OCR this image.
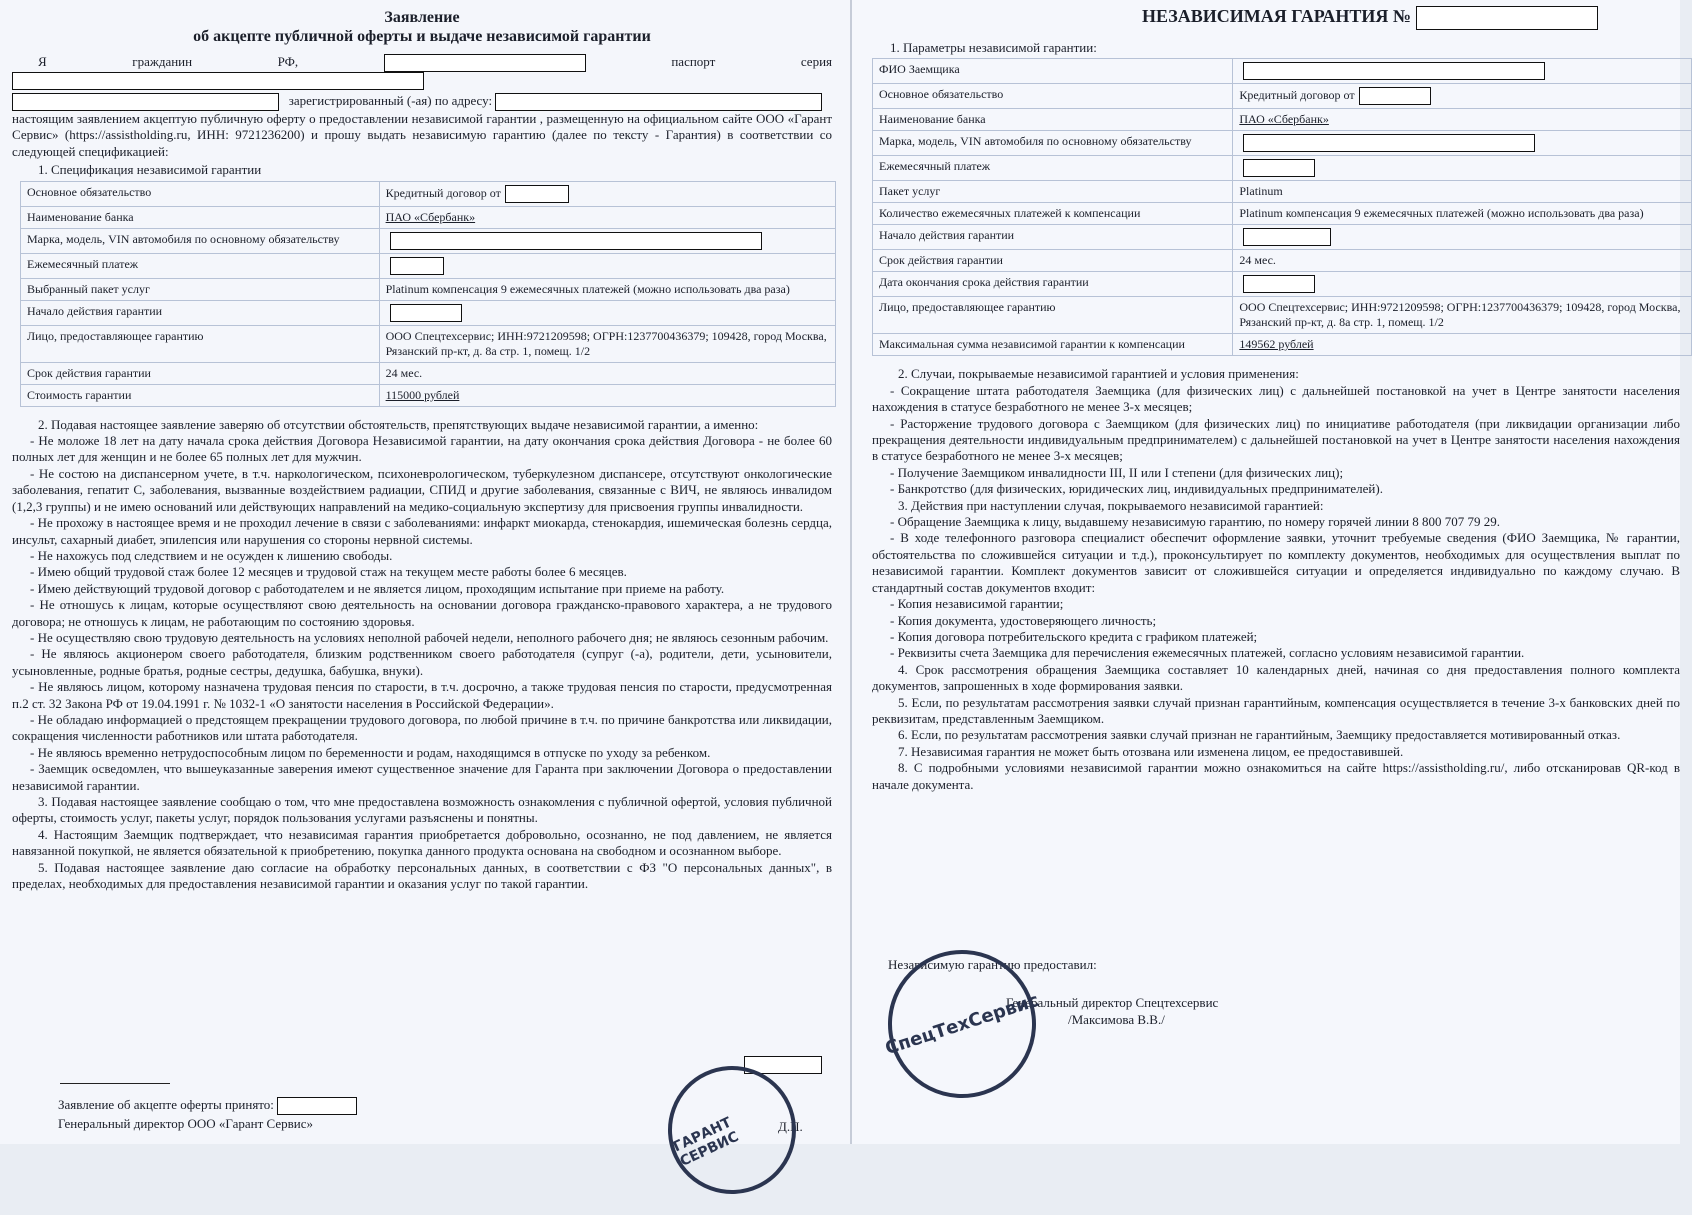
Заявление
об акцепте публичной оферты и выдаче независимой гарантии

Я гражданин РФ,	паспорт серия

зарегистрированный (-ая) по адресу:

настоящим заявлением акцептую публичную оферту о предоставлении независимой гарантии , размещенную на официальном сайте ООО «Гарант Сервис» (https://assistholding.ru, ИНН: 9721236200) и прошу выдать независимую гарантию (далее по тексту - Гарантия) в соответствии со следующей спецификацией:

1. Спецификация независимой гарантии

Основное обязательство	Кредитный договор от
Наименование банка	ПАО «Сбербанк»
Марка, модель, VIN автомобиля по основному обязательству	
Ежемесячный платеж	
Выбранный пакет услуг	Platinum компенсация 9 ежемесячных платежей (можно использовать два раза)
Начало действия гарантии	
Лицо, предоставляющее гарантию	ООО Спецтехсервис; ИНН:9721209598; ОГРН:1237700436379; 109428, город Москва, Рязанский пр-кт, д. 8а стр. 1, помещ. 1/2
Срок действия гарантии	24 мес.
Стоимость гарантии	115000 рублей

2. Подавая настоящее заявление заверяю об отсутствии обстоятельств, препятствующих выдаче независимой гарантии, а именно:

- Не моложе 18 лет на дату начала срока действия Договора Независимой гарантии, на дату окончания срока действия Договора - не более 60 полных лет для женщин и не более 65 полных лет для мужчин.

- Не состою на диспансерном учете, в т.ч. наркологическом, психоневрологическом, туберкулезном диспансере, отсутствуют онкологические заболевания, гепатит С, заболевания, вызванные воздействием радиации, СПИД и другие заболевания, связанные с ВИЧ, не являюсь инвалидом (1,2,3 группы) и не имею оснований или действующих направлений на медико-социальную экспертизу для присвоения группы инвалидности.

- Не прохожу в настоящее время и не проходил лечение в связи с заболеваниями: инфаркт миокарда, стенокардия, ишемическая болезнь сердца, инсульт, сахарный диабет, эпилепсия или нарушения со стороны нервной системы.

- Не нахожусь под следствием и не осужден к лишению свободы.

- Имею общий трудовой стаж более 12 месяцев и трудовой стаж на текущем месте работы более 6 месяцев.

- Имею действующий трудовой договор с работодателем и не является лицом, проходящим испытание при приеме на работу.

- Не отношусь к лицам, которые осуществляют свою деятельность на основании договора гражданско-правового характера, а не трудового договора; не отношусь к лицам, не работающим по состоянию здоровья.

- Не осуществляю свою трудовую деятельность на условиях неполной рабочей недели, неполного рабочего дня; не являюсь сезонным рабочим.

- Не являюсь акционером своего работодателя, близким родственником своего работодателя (супруг (-а), родители, дети, усыновители, усыновленные, родные братья, родные сестры, дедушка, бабушка, внуки).

- Не являюсь лицом, которому назначена трудовая пенсия по старости, в т.ч. досрочно, а также трудовая пенсия по старости, предусмотренная п.2 ст. 32 Закона РФ от 19.04.1991 г. № 1032-1 «О занятости населения в Российской Федерации».

- Не обладаю информацией о предстоящем прекращении трудового договора, по любой причине в т.ч. по причине банкротства или ликвидации, сокращения численности работников или штата работодателя.

- Не являюсь временно нетрудоспособным лицом по беременности и родам, находящимся в отпуске по уходу за ребенком.

- Заемщик осведомлен, что вышеуказанные заверения имеют существенное значение для Гаранта при заключении Договора о предоставлении независимой гарантии.

3. Подавая настоящее заявление сообщаю о том, что мне предоставлена возможность ознакомления с публичной офертой, условия публичной оферты, стоимость услуг, пакеты услуг, порядок пользования услугами разъяснены и понятны.

4. Настоящим Заемщик подтверждает, что независимая гарантия приобретается добровольно, осознанно, не под давлением, не является навязанной покупкой, не является обязательной к приобретению, покупка данного продукта основана на свободном и осознанном выборе.

5. Подавая настоящее заявление даю согласие на обработку персональных данных, в соответствии с ФЗ "О персональных данных", в пределах, необходимых для предоставления независимой гарантии и оказания услуг по такой гарантии.

Заявление об акцепте оферты принято:
Генеральный директор ООО «Гарант Сервис»	Д.П.
ГАРАНТ СЕРВИС
НЕЗАВИСИМАЯ ГАРАНТИЯ №

1. Параметры независимой гарантии:

ФИО Заемщика	
Основное обязательство	Кредитный договор от
Наименование банка	ПАО «Сбербанк»
Марка, модель, VIN автомобиля по основному обязательству	
Ежемесячный платеж	
Пакет услуг	Platinum
Количество ежемесячных платежей к компенсации	Platinum компенсация 9 ежемесячных платежей (можно использовать два раза)
Начало действия гарантии	
Срок действия гарантии	24 мес.
Дата окончания срока действия гарантии	
Лицо, предоставляющее гарантию	ООО Спецтехсервис; ИНН:9721209598; ОГРН:1237700436379; 109428, город Москва, Рязанский пр-кт, д. 8а стр. 1, помещ. 1/2
Максимальная сумма независимой гарантии к компенсации	149562 рублей

2. Случаи, покрываемые независимой гарантией и условия применения:

- Сокращение штата работодателя Заемщика (для физических лиц) с дальнейшей постановкой на учет в Центре занятости населения нахождения в статусе безработного не менее 3-х месяцев;

- Расторжение трудового договора с Заемщиком (для физических лиц) по инициативе работодателя (при ликвидации организации либо прекращения деятельности индивидуальным предпринимателем) с дальнейшей постановкой на учет в Центре занятости населения нахождения в статусе безработного не менее 3-х месяцев;

- Получение Заемщиком инвалидности III, II или I степени (для физических лиц);

- Банкротство (для физических, юридических лиц, индивидуальных предпринимателей).

3. Действия при наступлении случая, покрываемого независимой гарантией:

- Обращение Заемщика к лицу, выдавшему независимую гарантию, по номеру горячей линии 8 800 707 79 29.

- В ходе телефонного разговора специалист обеспечит оформление заявки, уточнит требуемые сведения (ФИО Заемщика, № гарантии, обстоятельства по сложившейся ситуации и т.д.), проконсультирует по комплекту документов, необходимых для осуществления выплат по независимой гарантии. Комплект документов зависит от сложившейся ситуации и определяется индивидуально по каждому случаю. В стандартный состав документов входит:

- Копия независимой гарантии;

- Копия документа, удостоверяющего личность;

- Копия договора потребительского кредита с графиком платежей;

- Реквизиты счета Заемщика для перечисления ежемесячных платежей, согласно условиям независимой гарантии.

4. Срок рассмотрения обращения Заемщика составляет 10 календарных дней, начиная со дня предоставления полного комплекта документов, запрошенных в ходе формирования заявки.

5. Если, по результатам рассмотрения заявки случай признан гарантийным, компенсация осуществляется в течение 3-х банковских дней по реквизитам, представленным Заемщиком.

6. Если, по результатам рассмотрения заявки случай признан не гарантийным, Заемщику предоставляется мотивированный отказ.

7. Независимая гарантия не может быть отозвана или изменена лицом, ее предоставившей.

8. С подробными условиями независимой гарантии можно ознакомиться на сайте https://assistholding.ru/, либо отсканировав QR-код в начале документа.

Независимую гарантию предоставил:
Генеральный директор Спецтехсервис
/Максимова В.В./
СпецТехСервис
